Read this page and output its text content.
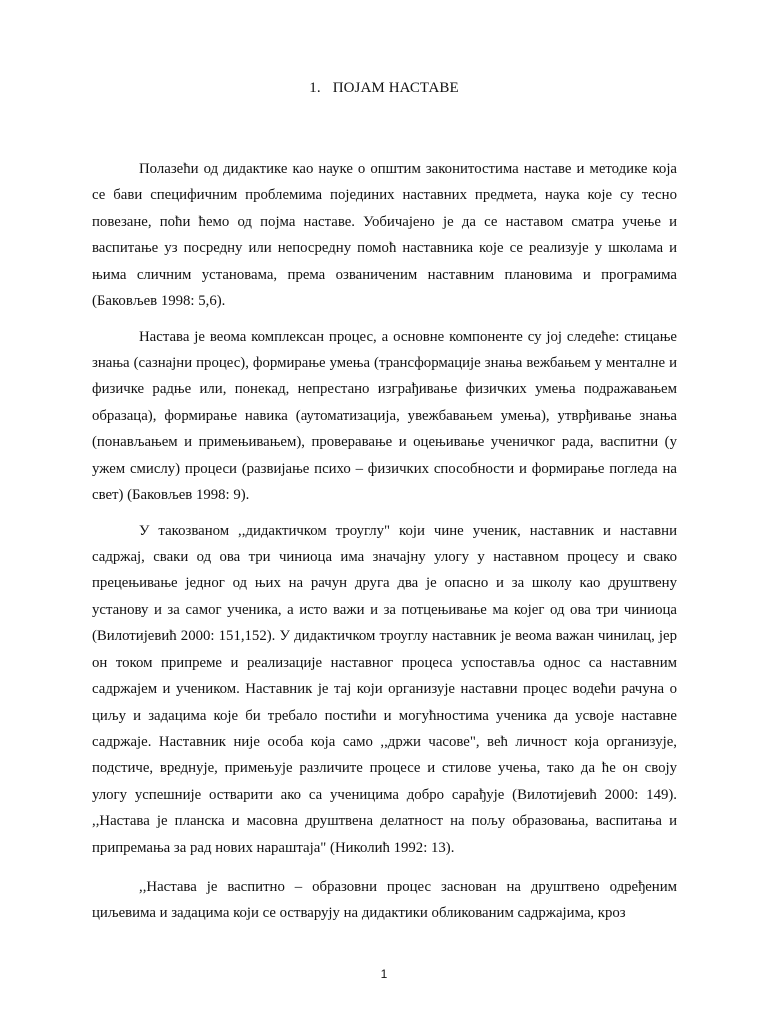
1. ПОЈАМ НАСТАВЕ

Полазећи од дидактике као науке о општим законитостима наставе и методике која се бави специфичним проблемима појединих наставних предмета, наука које су тесно повезане, поћи ћемо од појма наставе. Уобичајено је да се наставом сматра учење и васпитање уз посредну или непосредну помоћ наставника које се реализује у школама и њима сличним установама, према озваниченим наставним плановима и програмима (Баковљев 1998: 5,6).

Настава је веома комплексан процес, а основне компоненте су јој следеће: стицање знања (сазнајни процес), формирање умења (трансформације знања вежбањем у менталне и физичке радње или, понекад, непрестано изграђивање физичких умења подражавањем образаца), формирање навика (аутоматизација, увежбавањем умења), утврђивање знања (понављањем и примењивањем), проверавање и оцењивање ученичког рада, васпитни (у ужем смислу) процеси (развијање психо – физичких способности и формирање погледа на свет) (Баковљев 1998: 9).

У такозваном ,,дидактичком троуглу" који чине ученик, наставник и наставни садржај, сваки од ова три чиниоца има значајну улогу у наставном процесу и свако прецењивање једног од њих на рачун друга два је опасно и за школу као друштвену установу и за самог ученика, а исто важи и за потцењивање ма којег од ова три чиниоца (Вилотијевић 2000: 151,152). У дидактичком троуглу наставник је веома важан чинилац, јер он током припреме и реализације наставног процеса успоставља однос са наставним садржајем и учеником. Наставник је тај који организује наставни процес водећи рачуна о циљу и задацима које би требало постићи и могућностима ученика да усвоје наставне садржаје. Наставник није особа која само ,,држи часове", већ личност која организује, подстиче, вреднује, примењује различите процесе и стилове учења, тако да ће он своју улогу успешније остварити ако са ученицима добро сарађује (Вилотијевић 2000: 149). ,,Настава је планска и масовна друштвена делатност на пољу образовања, васпитања и припремања за рад нових нараштаја" (Николић 1992: 13).

,,Настава је васпитно – образовни процес заснован на друштвено одређеним циљевима и задацима који се остварују на дидактики обликованим садржајима, кроз

1
